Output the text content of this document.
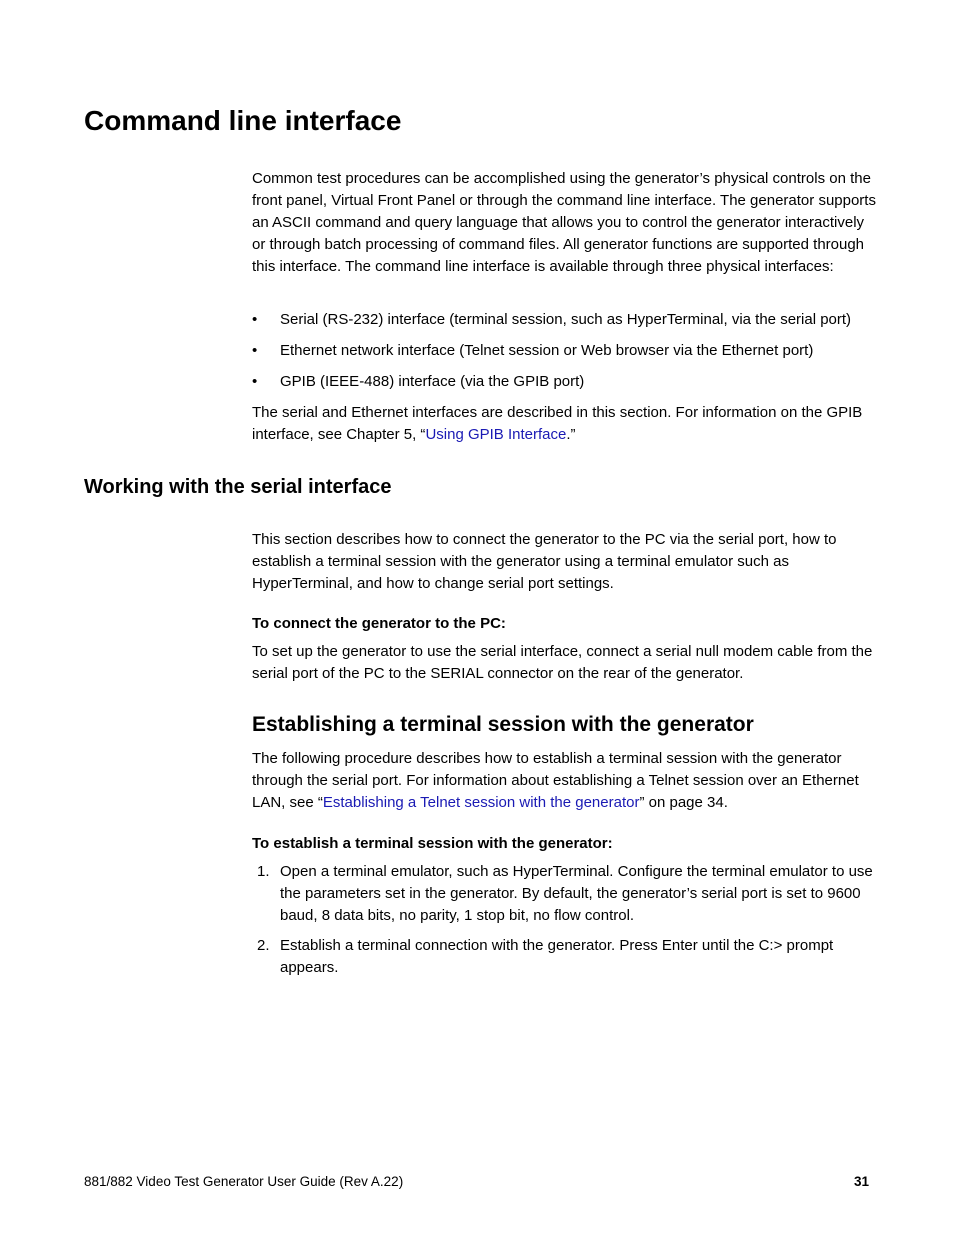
Command line interface
Common test procedures can be accomplished using the generator’s physical controls on the front panel, Virtual Front Panel or through the command line interface. The generator supports an ASCII command and query language that allows you to control the generator interactively or through batch processing of command files. All generator functions are supported through this interface. The command line interface is available through three physical interfaces:
• Serial (RS-232) interface (terminal session, such as HyperTerminal, via the serial port)
• Ethernet network interface (Telnet session or Web browser via the Ethernet port)
• GPIB (IEEE-488) interface (via the GPIB port)
The serial and Ethernet interfaces are described in this section. For information on the GPIB interface, see Chapter 5, “Using GPIB Interface.”
Working with the serial interface
This section describes how to connect the generator to the PC via the serial port, how to establish a terminal session with the generator using a terminal emulator such as HyperTerminal, and how to change serial port settings.
To connect the generator to the PC:
To set up the generator to use the serial interface, connect a serial null modem cable from the serial port of the PC to the SERIAL connector on the rear of the generator.
Establishing a terminal session with the generator
The following procedure describes how to establish a terminal session with the generator through the serial port. For information about establishing a Telnet session over an Ethernet LAN, see “Establishing a Telnet session with the generator” on page 34.
To establish a terminal session with the generator:
1. Open a terminal emulator, such as HyperTerminal. Configure the terminal emulator to use the parameters set in the generator. By default, the generator’s serial port is set to 9600 baud, 8 data bits, no parity, 1 stop bit, no flow control.
2. Establish a terminal connection with the generator. Press Enter until the C:> prompt appears.
881/882 Video Test Generator User Guide (Rev A.22)	31
